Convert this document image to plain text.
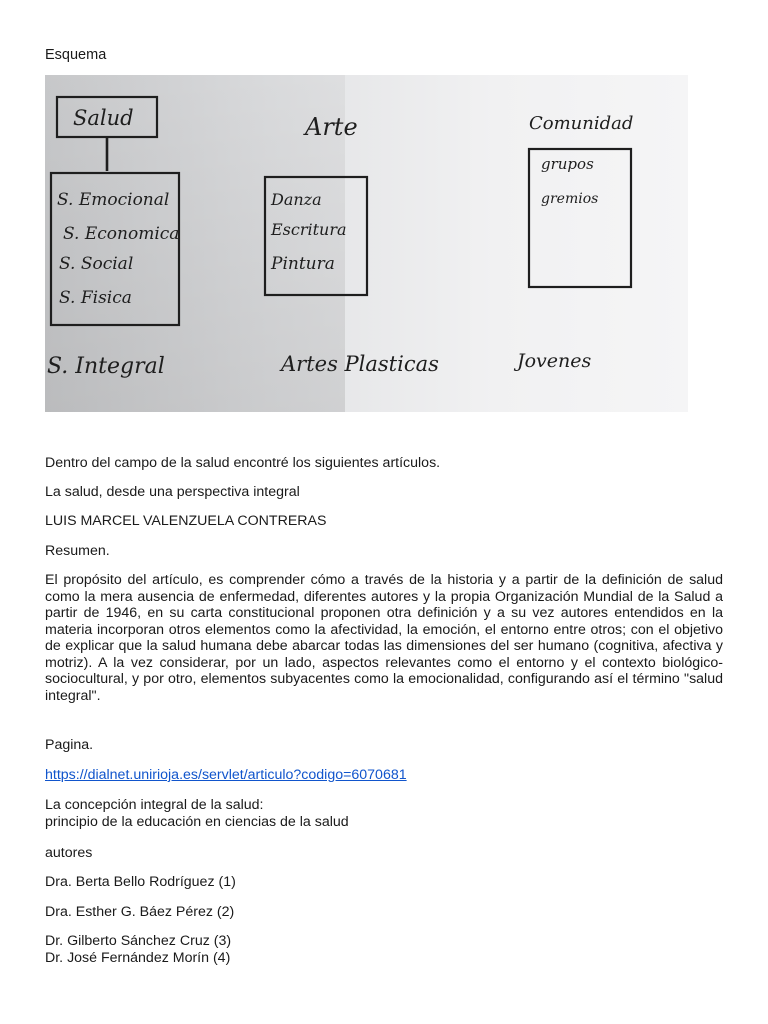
Esquema
Salud
S. Emocional
S. Economica
S. Social
S. Fisica
S. Integral
Arte
Danza
Escritura
Pintura
Artes Plasticas
Comunidad
grupos
gremios
Jovenes
Dentro del campo de la salud encontré los siguientes artículos.
La salud, desde una perspectiva integral
LUIS MARCEL VALENZUELA CONTRERAS
Resumen.
El propósito del artículo, es comprender cómo a través de la historia y a partir de la definición de salud como la mera ausencia de enfermedad, diferentes autores y la propia Organización Mundial de la Salud a partir de 1946, en su carta constitucional proponen otra definición y a su vez autores entendidos en la materia incorporan otros elementos como la afectividad, la emoción, el entorno entre otros; con el objetivo de explicar que la salud humana debe abarcar todas las dimensiones del ser humano (cognitiva, afectiva y motriz). A la vez considerar, por un lado, aspectos relevantes como el entorno y el contexto biológico-sociocultural, y por otro, elementos subyacentes como la emocionalidad, configurando así el término "salud integral".
Pagina.
https://dialnet.unirioja.es/servlet/articulo?codigo=6070681
La concepción integral de la salud:
principio de la educación en ciencias de la salud
autores
Dra. Berta Bello Rodríguez (1)
Dra. Esther G. Báez Pérez (2)
Dr. Gilberto Sánchez Cruz (3)
Dr. José Fernández Morín (4)
